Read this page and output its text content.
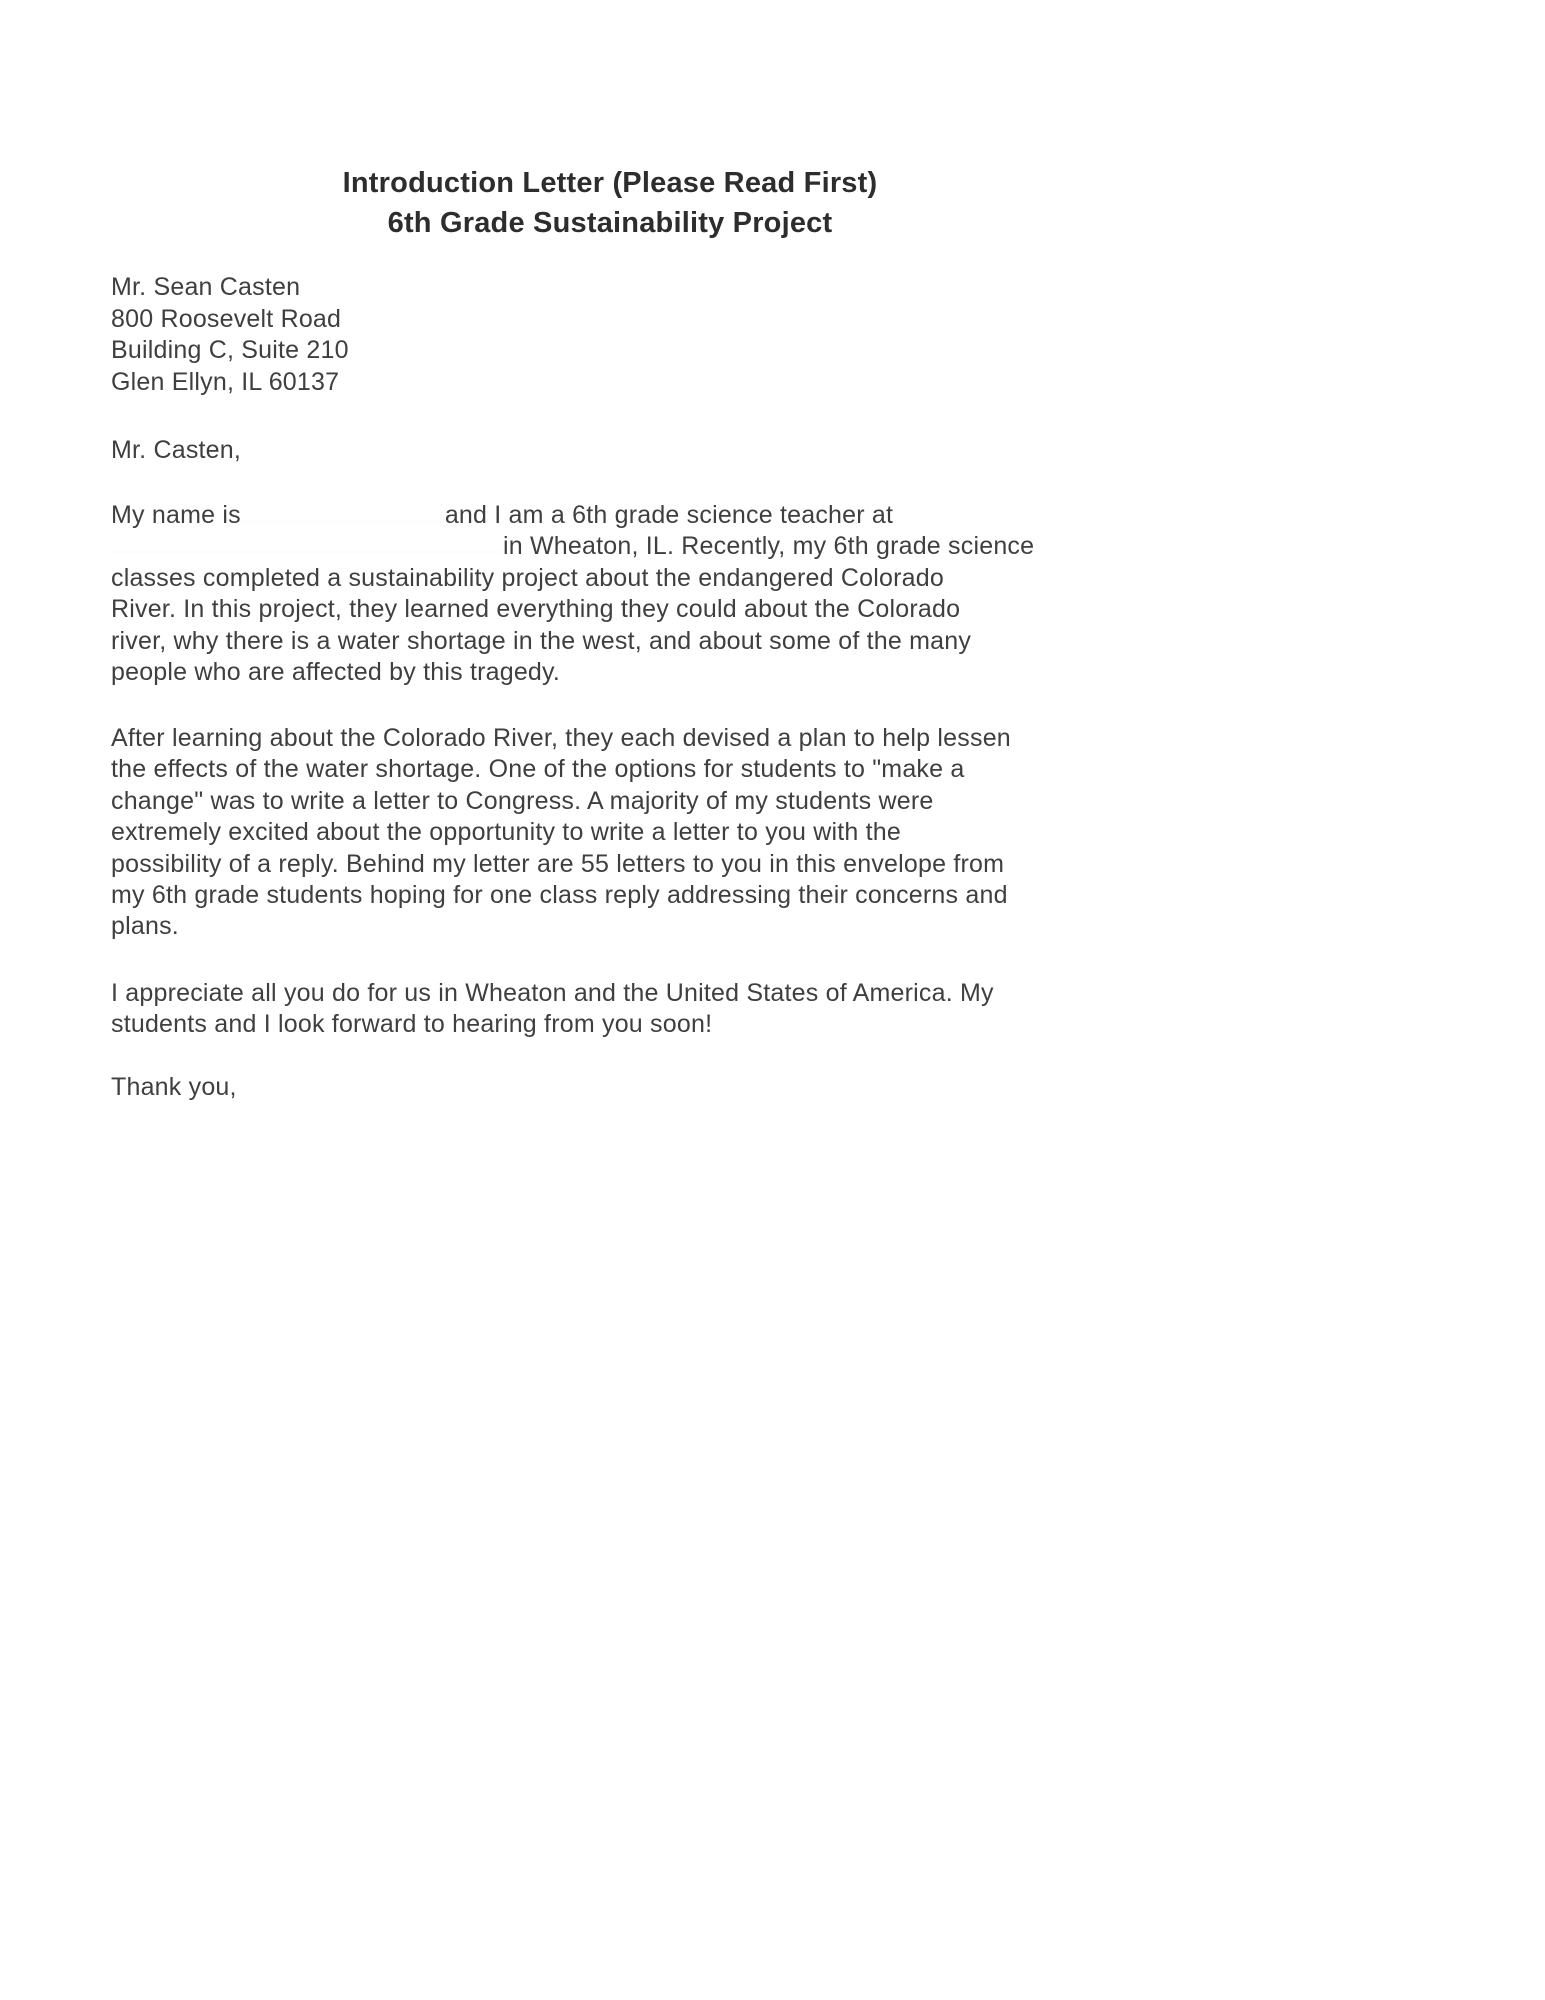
Introduction Letter (Please Read First)
6th Grade Sustainability Project
Mr. Sean Casten
800 Roosevelt Road
Building C, Suite 210
Glen Ellyn, IL 60137
Mr. Casten,
My name is	and I am a 6th grade science teacher at
in Wheaton, IL. Recently, my 6th grade science
classes completed a sustainability project about the endangered Colorado
River. In this project, they learned everything they could about the Colorado
river, why there is a water shortage in the west, and about some of the many
people who are affected by this tragedy.
After learning about the Colorado River, they each devised a plan to help lessen
the effects of the water shortage. One of the options for students to "make a
change" was to write a letter to Congress. A majority of my students were
extremely excited about the opportunity to write a letter to you with the
possibility of a reply. Behind my letter are 55 letters to you in this envelope from
my 6th grade students hoping for one class reply addressing their concerns and
plans.
I appreciate all you do for us in Wheaton and the United States of America. My
students and I look forward to hearing from you soon!
Thank you,
